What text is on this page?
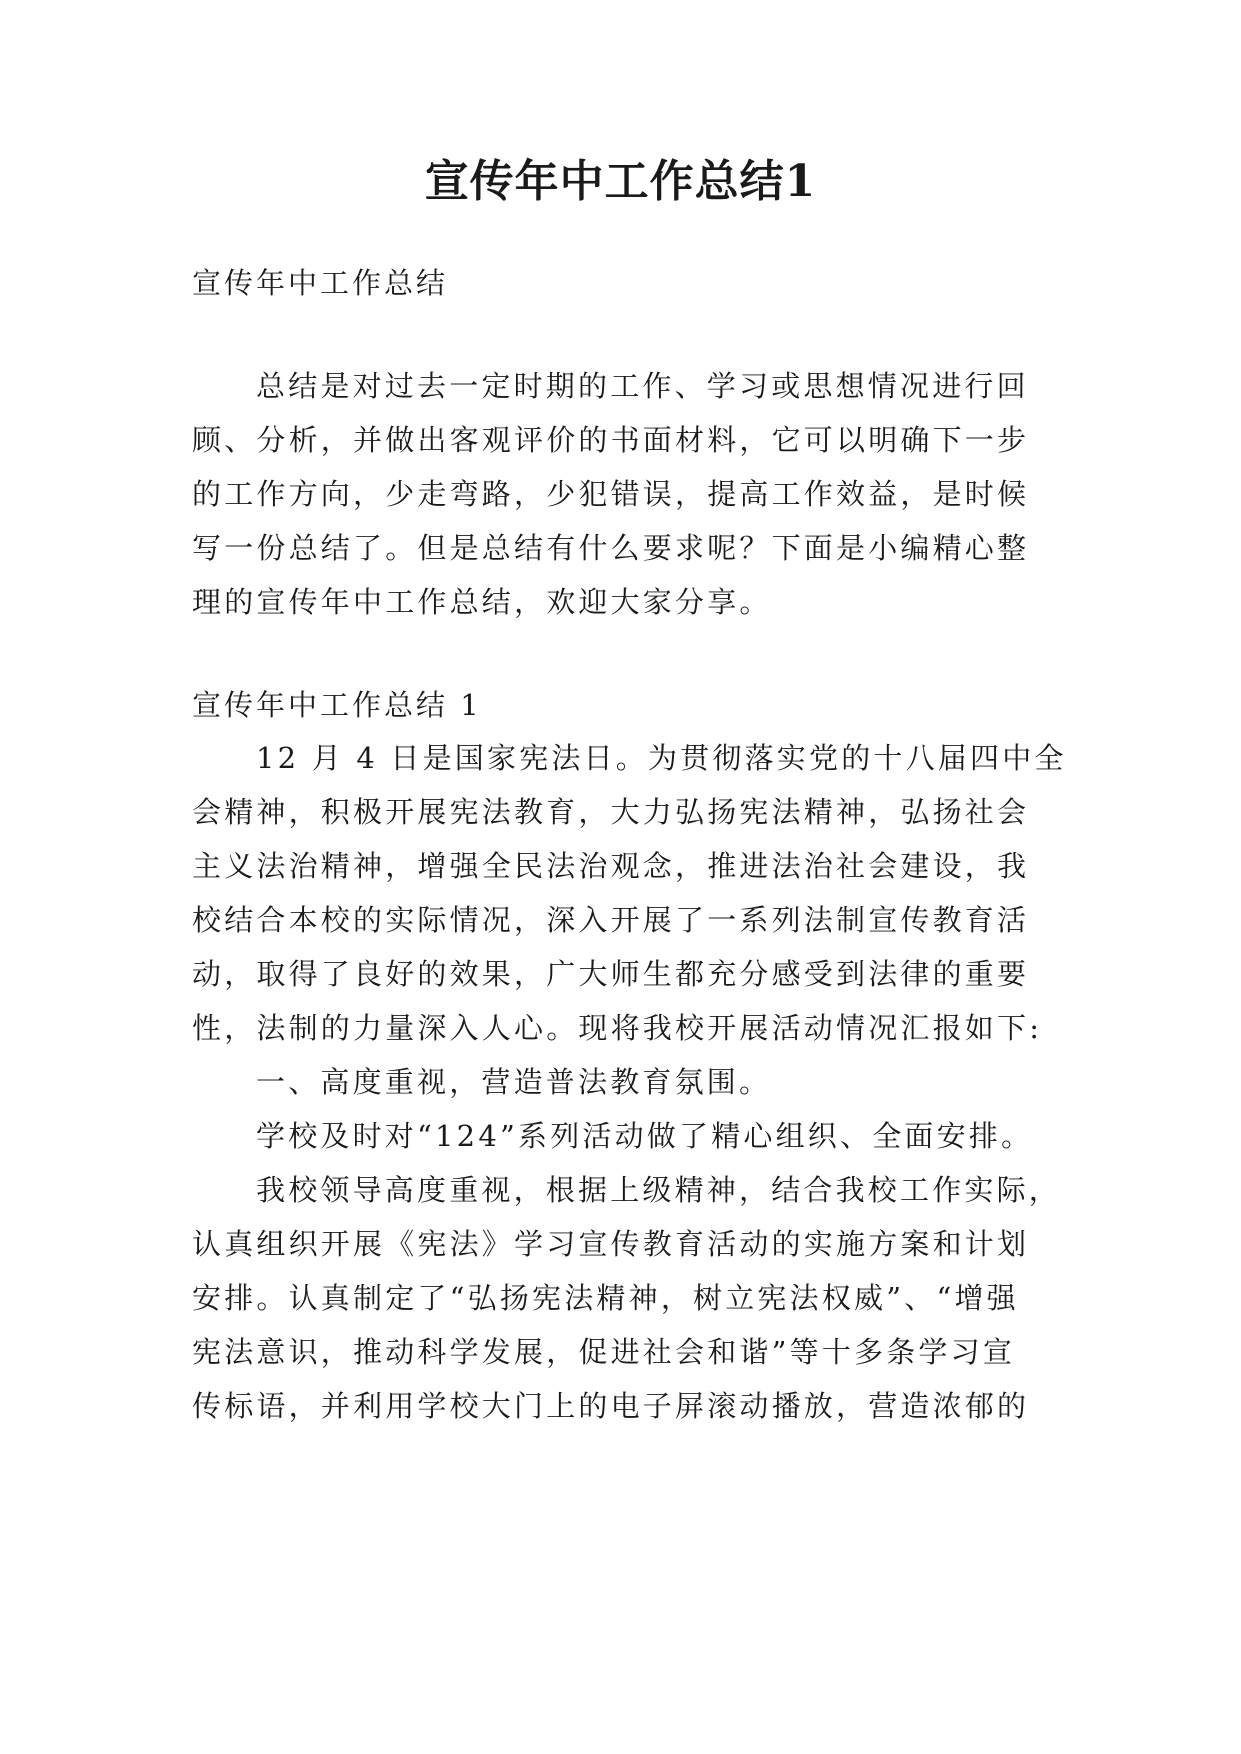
宣传年中工作总结1
宣传年中工作总结
总结是对过去一定时期的工作、学习或思想情况进行回
顾、分析，并做出客观评价的书面材料，它可以明确下一步
的工作方向，少走弯路，少犯错误，提高工作效益，是时候
写一份总结了。但是总结有什么要求呢？下面是小编精心整
理的宣传年中工作总结，欢迎大家分享。
宣传年中工作总结 1
12 月 4 日是国家宪法日。为贯彻落实党的十八届四中全
会精神，积极开展宪法教育，大力弘扬宪法精神，弘扬社会
主义法治精神，增强全民法治观念，推进法治社会建设，我
校结合本校的实际情况，深入开展了一系列法制宣传教育活
动，取得了良好的效果，广大师生都充分感受到法律的重要
性，法制的力量深入人心。现将我校开展活动情况汇报如下:
一、高度重视，营造普法教育氛围。
学校及时对“124”系列活动做了精心组织、全面安排。
我校领导高度重视，根据上级精神，结合我校工作实际，
认真组织开展《宪法》学习宣传教育活动的实施方案和计划
安排。认真制定了“弘扬宪法精神，树立宪法权威”、“增强
宪法意识，推动科学发展，促进社会和谐”等十多条学习宣
传标语，并利用学校大门上的电子屏滚动播放，营造浓郁的
